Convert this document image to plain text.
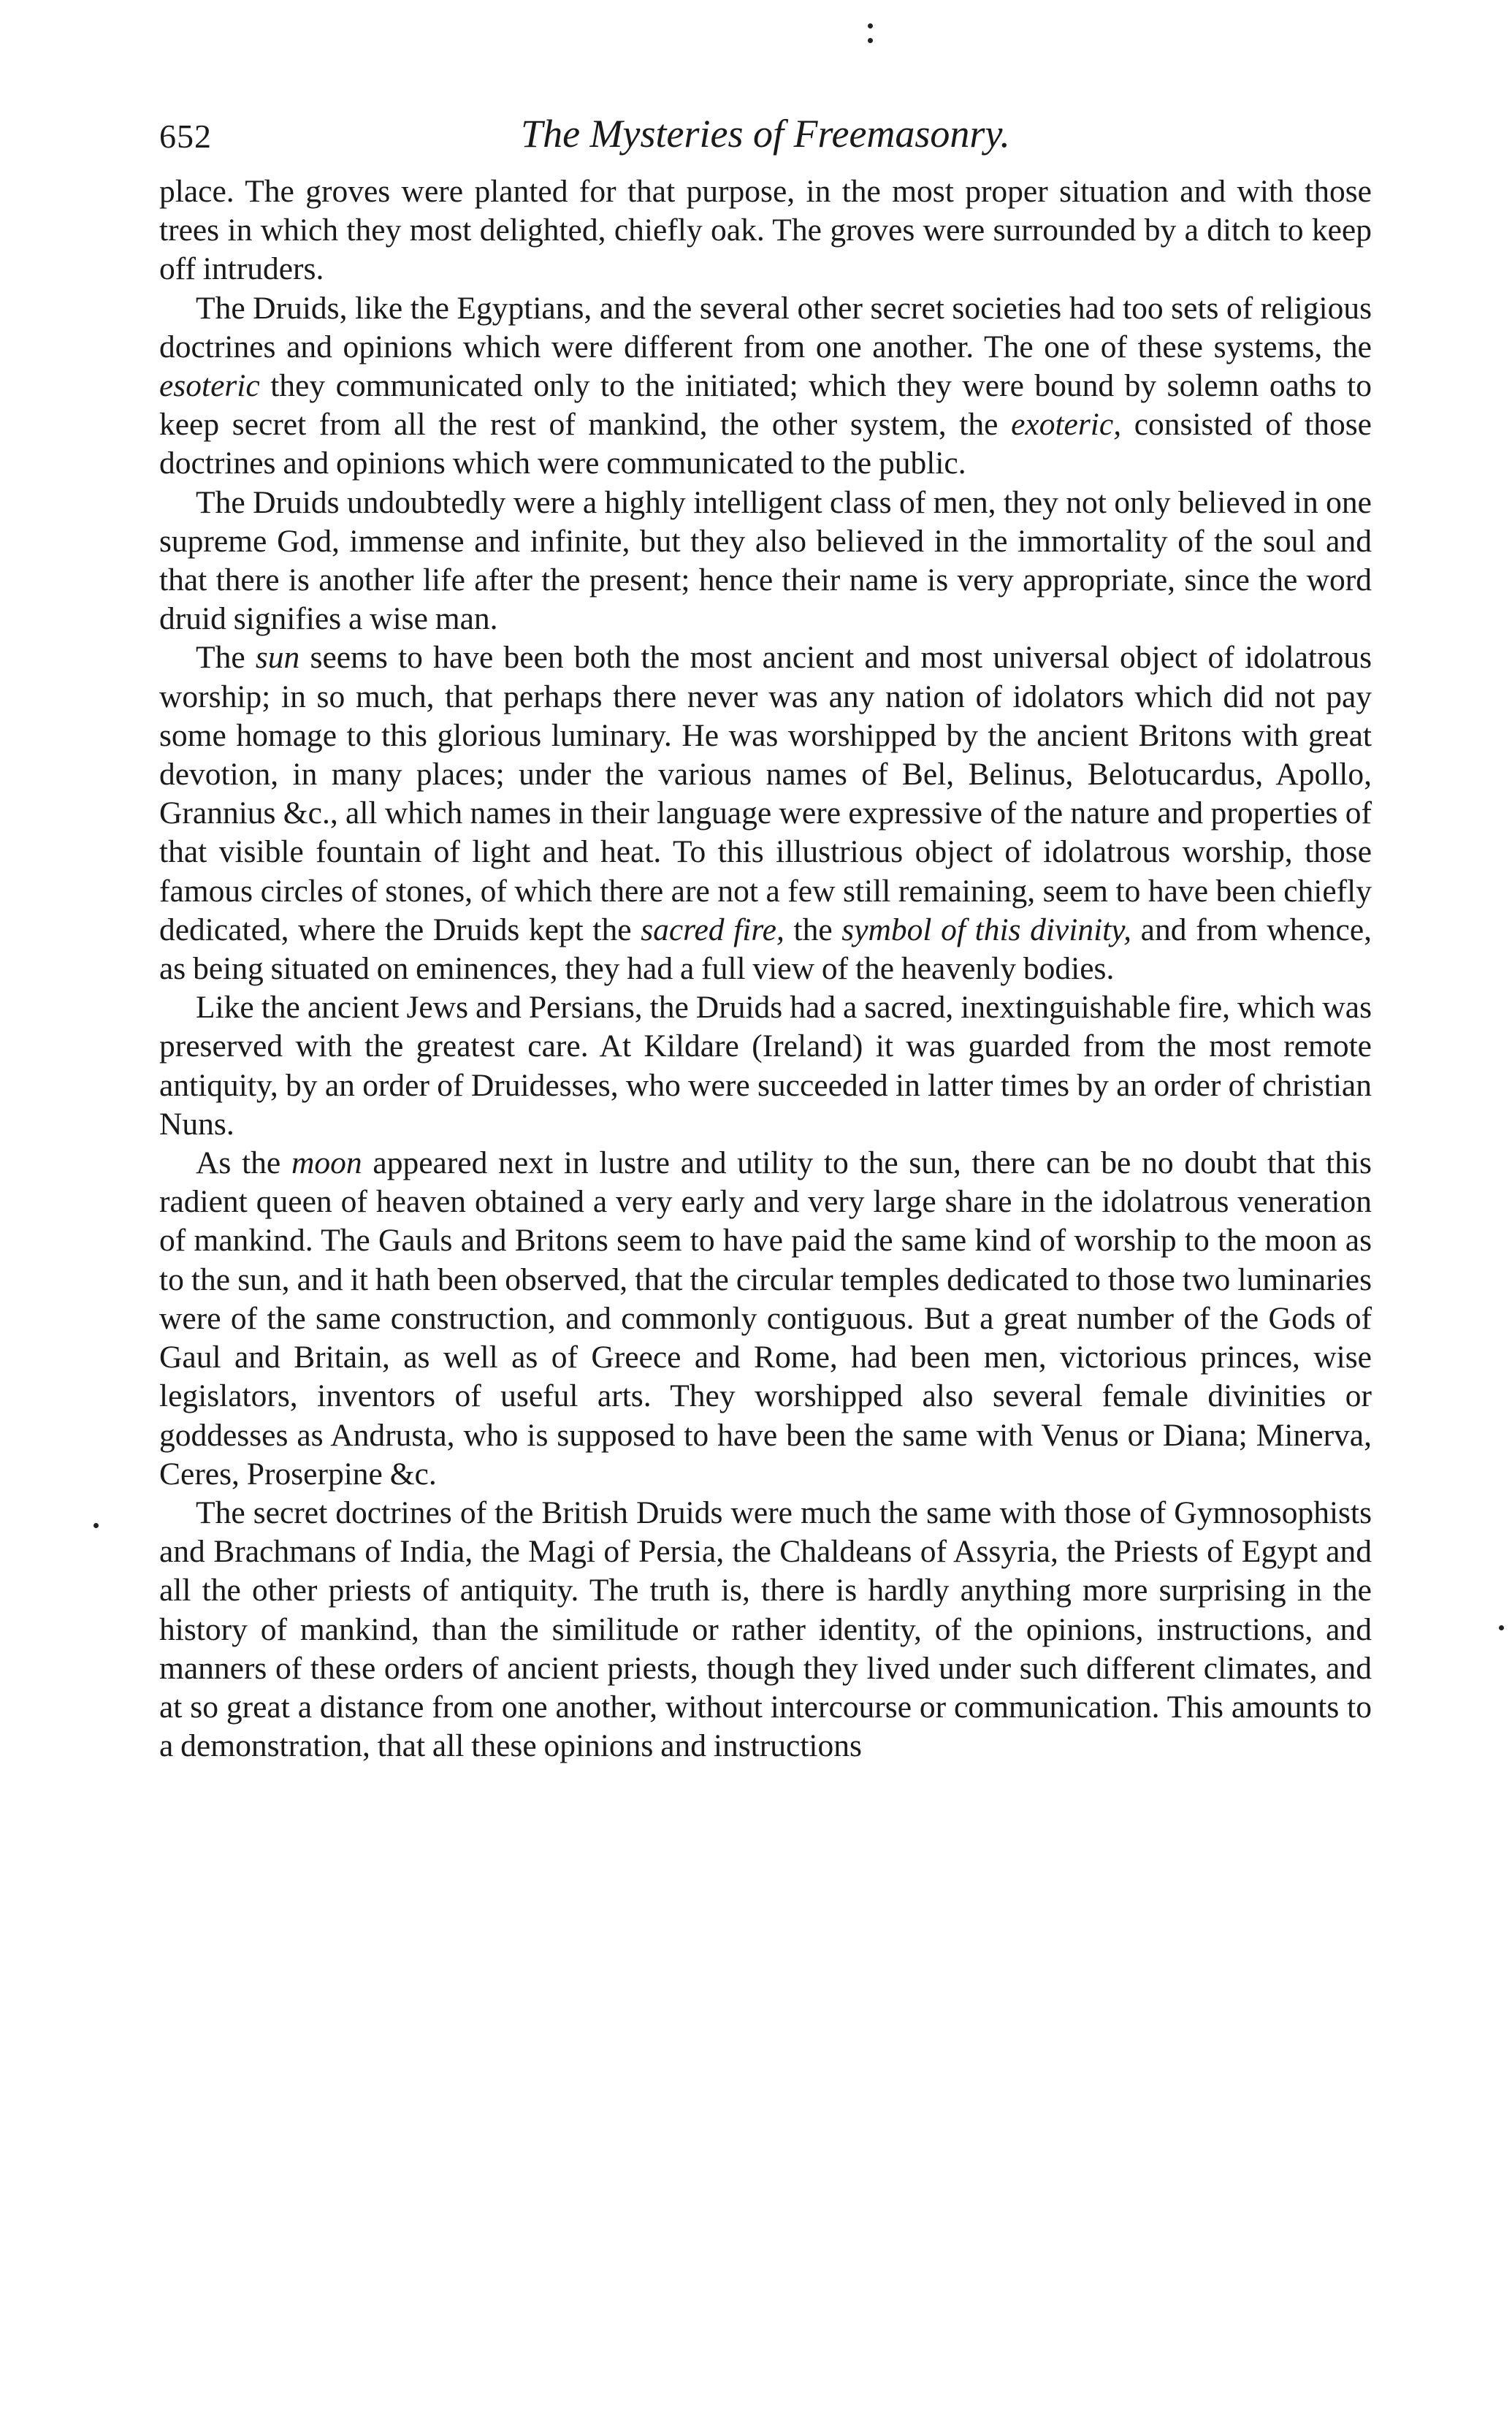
652	The Mysteries of Freemasonry.

place. The groves were planted for that purpose, in the most proper situation and with those trees in which they most delighted, chiefly oak. The groves were surrounded by a ditch to keep off intruders.

The Druids, like the Egyptians, and the several other secret societies had too sets of religious doctrines and opinions which were different from one another. The one of these systems, the esoteric they communicated only to the initiated; which they were bound by solemn oaths to keep secret from all the rest of mankind, the other system, the exoteric, consisted of those doctrines and opinions which were communicated to the public.

The Druids undoubtedly were a highly intelligent class of men, they not only believed in one supreme God, immense and infinite, but they also believed in the immortality of the soul and that there is another life after the present; hence their name is very appropriate, since the word druid signifies a wise man.

The sun seems to have been both the most ancient and most universal object of idolatrous worship; in so much, that perhaps there never was any nation of idolators which did not pay some homage to this glorious luminary. He was worshipped by the ancient Britons with great devotion, in many places; under the various names of Bel, Belinus, Belotucardus, Apollo, Grannius &c., all which names in their language were expressive of the nature and properties of that visible fountain of light and heat. To this illustrious object of idolatrous worship, those famous circles of stones, of which there are not a few still remaining, seem to have been chiefly dedicated, where the Druids kept the sacred fire, the symbol of this divinity, and from whence, as being situated on eminences, they had a full view of the heavenly bodies.

Like the ancient Jews and Persians, the Druids had a sacred, inextinguishable fire, which was preserved with the greatest care. At Kildare (Ireland) it was guarded from the most remote antiquity, by an order of Druidesses, who were succeeded in latter times by an order of christian Nuns.

As the moon appeared next in lustre and utility to the sun, there can be no doubt that this radient queen of heaven obtained a very early and very large share in the idolatrous veneration of mankind. The Gauls and Britons seem to have paid the same kind of worship to the moon as to the sun, and it hath been observed, that the circular temples dedicated to those two luminaries were of the same construction, and commonly contiguous. But a great number of the Gods of Gaul and Britain, as well as of Greece and Rome, had been men, victorious princes, wise legislators, inventors of useful arts. They worshipped also several female divinities or goddesses as Andrusta, who is supposed to have been the same with Venus or Diana; Minerva, Ceres, Proserpine &c.

The secret doctrines of the British Druids were much the same with those of Gymnosophists and Brachmans of India, the Magi of Persia, the Chaldeans of Assyria, the Priests of Egypt and all the other priests of antiquity. The truth is, there is hardly anything more surprising in the history of mankind, than the similitude or rather identity, of the opinions, instructions, and manners of these orders of ancient priests, though they lived under such different climates, and at so great a distance from one another, without intercourse or communication. This amounts to a demonstration, that all these opinions and instructions
